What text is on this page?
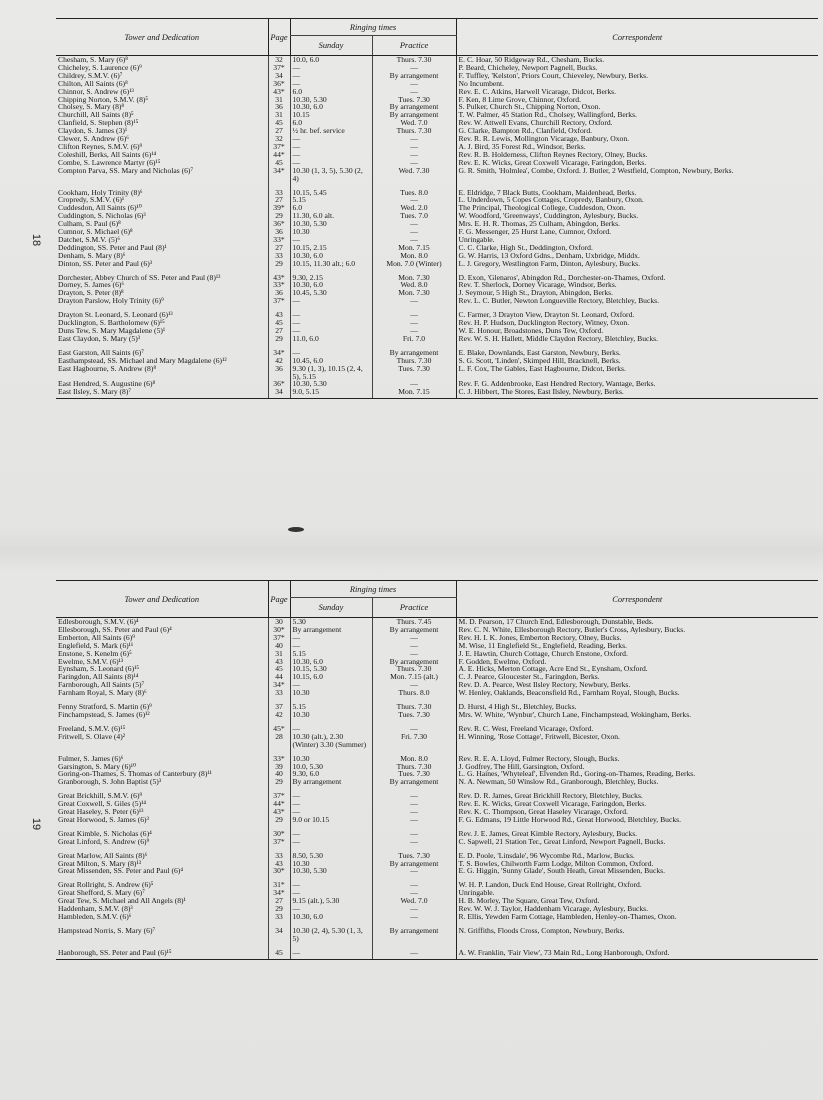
Tower and Dedication	Page	Ringing times		Correspondent
		Sunday	Practice	
Chesham, S. Mary (6)⁸	32	10.0, 6.0	Thurs. 7.30	E. C. Hoar, 50 Ridgeway Rd., Chesham, Bucks.
Chicheley, S. Laurence (6)⁹	37*	—	—	P. Beard, Chicheley, Newport Pagnell, Bucks.
Childrey, S.M.V. (6)⁷	34	—	By arrangement	F. Tuffley, 'Kelston', Priors Court, Chieveley, Newbury, Berks.
Chilton, All Saints (6)⁸	36*	—	—	No Incumbent.
Chinnor, S. Andrew (6)¹³	43*	6.0	—	Rev. E. C. Atkins, Harwell Vicarage, Didcot, Berks.
Chipping Norton, S.M.V. (8)⁵	31	10.30, 5.30	Tues. 7.30	F. Ken, 8 Lime Grove, Chinnor, Oxford.
Cholsey, S. Mary (8)⁸	36	10.30, 6.0	By arrangement	S. Pulker, Church St., Chipping Norton, Oxon.
Churchill, All Saints (8)⁵	31	10.15	By arrangement	T. W. Palmer, 45 Station Rd., Cholsey, Wallingford, Berks.
Clanfield, S. Stephen (8)¹⁵	45	6.0	Wed. 7.0	Rev. W. Attwell Evans, Churchill Rectory, Oxford.
Claydon, S. James (3)¹	27	½ hr. bef. service	Thurs. 7.30	G. Clarke, Bampton Rd., Clanfield, Oxford.
Clewer, S. Andrew (6)⁶	32	—	—	Rev. R. R. Lewis, Mollington Vicarage, Banbury, Oxon.
Clifton Reynes, S.M.V. (6)⁹	37*	—	—	A. J. Bird, 35 Forest Rd., Windsor, Berks.
Coleshill, Berks, All Saints (6)¹⁴	44*	—	—	Rev. R. B. Holderness, Clifton Reynes Rectory, Olney, Bucks.
Combe, S. Lawrence Martyr (6)¹⁵	45	—	—	Rev. E. K. Wicks, Great Coxwell Vicarage, Faringdon, Berks.
Compton Parva, SS. Mary and Nicholas (6)⁷	34*	10.30 (1, 3, 5), 5.30 (2, 4)	Wed. 7.30	G. R. Smith, 'Holmlea', Combe, Oxford. J. Butler, 2 Westfield, Compton, Newbury, Berks.

Cookham, Holy Trinity (8)⁶	33	10.15, 5.45	Tues. 8.0	E. Eldridge, 7 Black Butts, Cookham, Maidenhead, Berks.
Cropredy, S.M.V. (6)¹	27	5.15	—	L. Underdown, 5 Copes Cottages, Cropredy, Banbury, Oxon.
Cuddesdon, All Saints (6)¹⁰	39*	6.0	Wed. 2.0	The Principal, Theological College, Cuddesdon, Oxon.
Cuddington, S. Nicholas (6)³	29	11.30, 6.0 alt.	Tues. 7.0	W. Woodford, 'Greenways', Cuddington, Aylesbury, Bucks.
Culham, S. Paul (6)⁸	36*	10.30, 5.30	—	Mrs. E. H. R. Thomas, 25 Culham, Abingdon, Berks.
Cumnor, S. Michael (6)⁸	36	10.30	—	F. G. Messenger, 25 Hurst Lane, Cumnor, Oxford.
Datchet, S.M.V. (5)⁶	33*	—	—	Unringable.
Deddington, SS. Peter and Paul (8)¹	27	10.15, 2.15	Mon. 7.15	C. C. Clarke, High St., Deddington, Oxford.
Denham, S. Mary (8)⁶	33	10.30, 6.0	Mon. 8.0	G. W. Harris, 13 Oxford Gdns., Denham, Uxbridge, Middx.
Dinton, SS. Peter and Paul (6)³	29	10.15, 11.30 alt.; 6.0	Mon. 7.0 (Winter)	L. J. Gregory, Westlington Farm, Dinton, Aylesbury, Bucks.

Dorchester, Abbey Church of SS. Peter and Paul (8)¹³	43*	9.30, 2.15	Mon. 7.30	D. Exon, 'Glenaros', Abingdon Rd., Dorchester-on-Thames, Oxford.
Dorney, S. James (6)⁶	33*	10.30, 6.0	Wed. 8.0	Rev. T. Sherlock, Dorney Vicarage, Windsor, Berks.
Drayton, S. Peter (8)⁸	36	10.45, 5.30	Mon. 7.30	J. Seymour, 5 High St., Drayton, Abingdon, Berks.
Drayton Parslow, Holy Trinity (6)⁹	37*	—	—	Rev. L. C. Butler, Newton Longueville Rectory, Bletchley, Bucks.

Drayton St. Leonard, S. Leonard (6)¹³	43	—	—	C. Farmer, 3 Drayton View, Drayton St. Leonard, Oxford.
Ducklington, S. Bartholomew (6)¹⁵	45	—	—	Rev. H. P. Hudson, Ducklington Rectory, Witney, Oxon.
Duns Tew, S. Mary Magdalene (5)¹	27	—	—	W. E. Honour, Broadstones, Duns Tew, Oxford.
East Claydon, S. Mary (5)³	29	11.0, 6.0	Fri. 7.0	Rev. W. S. H. Hallett, Middle Claydon Rectory, Bletchley, Bucks.

East Garston, All Saints (6)⁷	34*	—	By arrangement	E. Blake, Downlands, East Garston, Newbury, Berks.
Easthampstead, SS. Michael and Mary Magdalene (6)¹²	42	10.45, 6.0	Thurs. 7.30	S. G. Scott, 'Linden', Skimped Hill, Bracknell, Berks.
East Hagbourne, S. Andrew (8)⁸	36	9.30 (1, 3), 10.15 (2, 4, 5), 5.15	Tues. 7.30	L. F. Cox, The Gables, East Hagbourne, Didcot, Berks.
East Hendred, S. Augustine (6)⁸	36*	10.30, 5.30	—	Rev. F. G. Addenbrooke, East Hendred Rectory, Wantage, Berks.
East Ilsley, S. Mary (8)⁷	34	9.0, 5.15	Mon. 7.15	C. J. Hibbert, The Stores, East Ilsley, Newbury, Berks.
18
Tower and Dedication	Page	Ringing times		Correspondent
		Sunday	Practice	
Edlesborough, S.M.V. (6)⁴	30	5.30	Thurs. 7.45	M. D. Pearson, 17 Church End, Edlesborough, Dunstable, Beds.
Ellesborough, SS. Peter and Paul (6)⁴	30*	By arrangement	By arrangement	Rev. C. N. White, Ellesborough Rectory, Butler's Cross, Aylesbury, Bucks.
Emberton, All Saints (6)⁹	37*	—	—	Rev. H. I. K. Jones, Emberton Rectory, Olney, Bucks.
Englefield, S. Mark (6)¹¹	40	—	—	M. Wise, 11 Englefield St., Englefield, Reading, Berks.
Enstone, S. Kenelm (6)⁵	31	5.15	—	J. E. Hawtin, Church Cottage, Church Enstone, Oxford.
Ewelme, S.M.V. (6)¹³	43	10.30, 6.0	By arrangement	F. Godden, Ewelme, Oxford.
Eynsham, S. Leonard (6)¹⁵	45	10.15, 5.30	Thurs. 7.30	A. E. Hicks, Merton Cottage, Acre End St., Eynsham, Oxford.
Faringdon, All Saints (8)¹⁴	44	10.15, 6.0	Mon. 7.15 (alt.)	C. J. Pearce, Gloucester St., Faringdon, Berks.
Farnborough, All Saints (5)⁷	34*	—	—	Rev. D. A. Pearce, West Ilsley Rectory, Newbury, Berks.
Farnham Royal, S. Mary (8)⁶	33	10.30	Thurs. 8.0	W. Henley, Oaklands, Beaconsfield Rd., Farnham Royal, Slough, Bucks.

Fenny Stratford, S. Martin (6)⁹	37	5.15	Thurs. 7.30	D. Hurst, 4 High St., Bletchley, Bucks.
Finchampstead, S. James (6)¹²	42	10.30	Tues. 7.30	Mrs. W. White, 'Wynbur', Church Lane, Finchampstead, Wokingham, Berks.

Freeland, S.M.V. (6)¹⁵	45*	—	—	Rev. R. C. West, Freeland Vicarage, Oxford.
Fritwell, S. Olave (4)²	28	10.30 (alt.), 2.30 (Winter) 3.30 (Summer)	Fri. 7.30	H. Winning, 'Rose Cottage', Fritwell, Bicester, Oxon.

Fulmer, S. James (6)⁶	33*	10.30	Mon. 8.0	Rev. R. E. A. Lloyd, Fulmer Rectory, Slough, Bucks.
Garsington, S. Mary (6)¹⁰	39	10.0, 5.30	Thurs. 7.30	J. Godfrey, The Hill, Garsington, Oxford.
Goring-on-Thames, S. Thomas of Canterbury (8)¹¹	40	9.30, 6.0	Tues. 7.30	L. G. Haines, 'Whyteleaf', Elvenden Rd., Goring-on-Thames, Reading, Berks.
Granborough, S. John Baptist (5)³	29	By arrangement	By arrangement	N. A. Newman, 50 Winslow Rd., Granborough, Bletchley, Bucks.

Great Brickhill, S.M.V. (6)⁹	37*	—	—	Rev. D. R. James, Great Brickhill Rectory, Bletchley, Bucks.
Great Coxwell, S. Giles (5)¹⁴	44*	—	—	Rev. E. K. Wicks, Great Coxwell Vicarage, Faringdon, Berks.
Great Haseley, S. Peter (6)¹³	43*	—	—	Rev. K. C. Thompson, Great Haseley Vicarage, Oxford.
Great Horwood, S. James (6)³	29	9.0 or 10.15	—	F. G. Edmans, 19 Little Horwood Rd., Great Horwood, Bletchley, Bucks.

Great Kimble, S. Nicholas (6)⁴	30*	—	—	Rev. J. E. James, Great Kimble Rectory, Aylesbury, Bucks.
Great Linford, S. Andrew (6)⁹	37*	—	—	C. Sapwell, 21 Station Ter., Great Linford, Newport Pagnell, Bucks.

Great Marlow, All Saints (8)⁶	33	8.50, 5.30	Tues. 7.30	E. D. Poole, 'Linsdale', 96 Wycombe Rd., Marlow, Bucks.
Great Milton, S. Mary (8)¹³	43	10.30	By arrangement	T. S. Bowles, Chilworth Farm Lodge, Milton Common, Oxford.
Great Missenden, SS. Peter and Paul (6)⁴	30*	10.30, 5.30	—	E. G. Higgin, 'Sunny Glade', South Heath, Great Missenden, Bucks.

Great Rollright, S. Andrew (6)⁵	31*	—	—	W. H. P. Landon, Duck End House, Great Rollright, Oxford.
Great Shefford, S. Mary (6)⁷	34*	—	—	Unringable.
Great Tew, S. Michael and All Angels (8)¹	27	9.15 (alt.), 5.30	Wed. 7.0	H. B. Morley, The Square, Great Tew, Oxford.
Haddenham, S.M.V. (8)³	29	—	—	Rev. W. W. J. Taylor, Haddenham Vicarage, Aylesbury, Bucks.
Hambleden, S.M.V. (6)⁶	33	10.30, 6.0	—	R. Ellis, Yewden Farm Cottage, Hambleden, Henley-on-Thames, Oxon.

Hampstead Norris, S. Mary (6)⁷	34	10.30 (2, 4), 5.30 (1, 3, 5)	By arrangement	N. Griffiths, Floods Cross, Compton, Newbury, Berks.

Hanborough, SS. Peter and Paul (6)¹⁵	45	—	—	A. W. Franklin, 'Fair View', 73 Main Rd., Long Hanborough, Oxford.
19
